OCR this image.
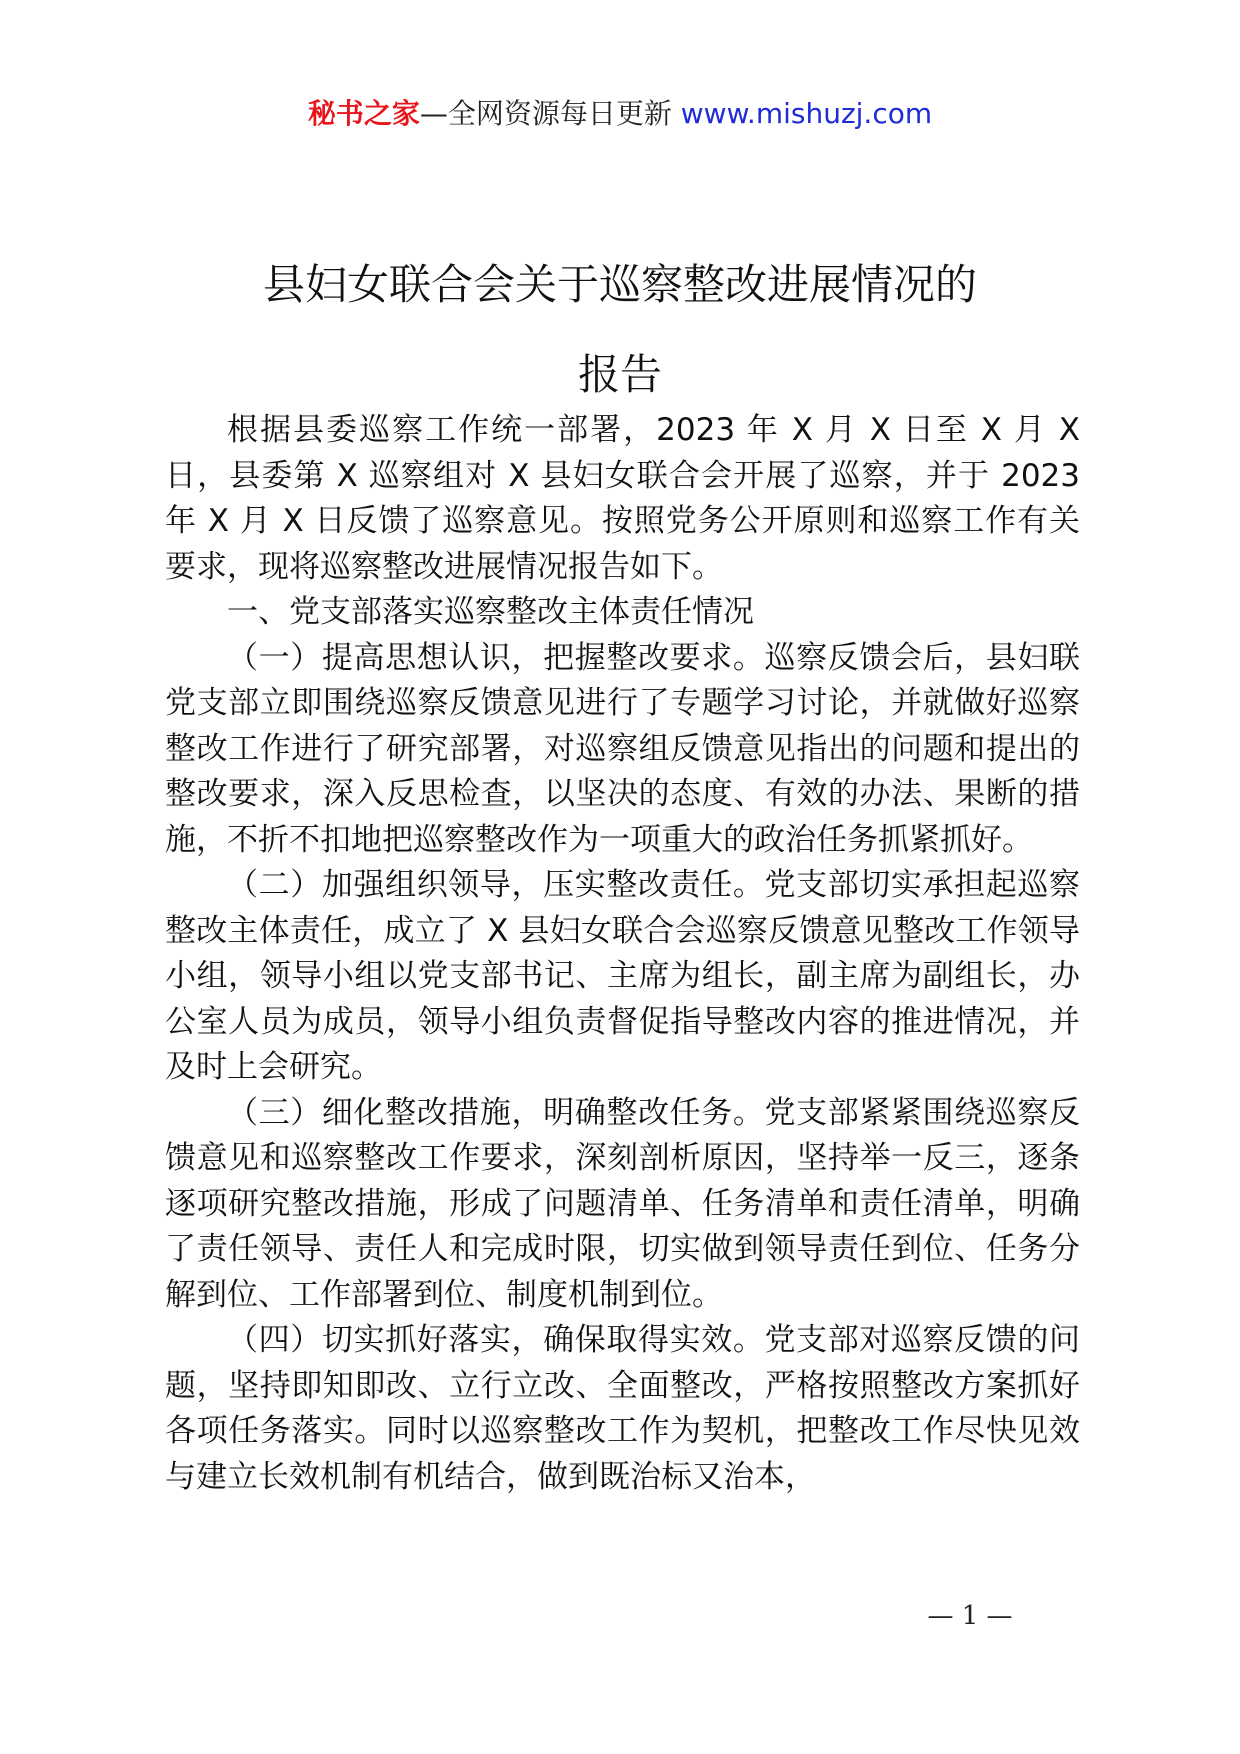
秘书之家—全网资源每日更新 www.mishuzj.com
县妇女联合会关于巡察整改进展情况的
报告

根据县委巡察工作统一部署，2023 年 X 月 X 日至 X 月 X 日，县委第 X 巡察组对 X 县妇女联合会开展了巡察，并于 2023 年 X 月 X 日反馈了巡察意见。按照党务公开原则和巡察工作有关要求，现将巡察整改进展情况报告如下。

一、党支部落实巡察整改主体责任情况

（一）提高思想认识，把握整改要求。巡察反馈会后，县妇联党支部立即围绕巡察反馈意见进行了专题学习讨论，并就做好巡察整改工作进行了研究部署，对巡察组反馈意见指出的问题和提出的整改要求，深入反思检查，以坚决的态度、有效的办法、果断的措施，不折不扣地把巡察整改作为一项重大的政治任务抓紧抓好。

（二）加强组织领导，压实整改责任。党支部切实承担起巡察整改主体责任，成立了 X 县妇女联合会巡察反馈意见整改工作领导小组，领导小组以党支部书记、主席为组长，副主席为副组长，办公室人员为成员，领导小组负责督促指导整改内容的推进情况，并及时上会研究。

（三）细化整改措施，明确整改任务。党支部紧紧围绕巡察反馈意见和巡察整改工作要求，深刻剖析原因，坚持举一反三，逐条逐项研究整改措施，形成了问题清单、任务清单和责任清单，明确了责任领导、责任人和完成时限，切实做到领导责任到位、任务分解到位、工作部署到位、制度机制到位。

（四）切实抓好落实，确保取得实效。党支部对巡察反馈的问题，坚持即知即改、立行立改、全面整改，严格按照整改方案抓好各项任务落实。同时以巡察整改工作为契机，把整改工作尽快见效与建立长效机制有机结合，做到既治标又治本，

— 1 —
